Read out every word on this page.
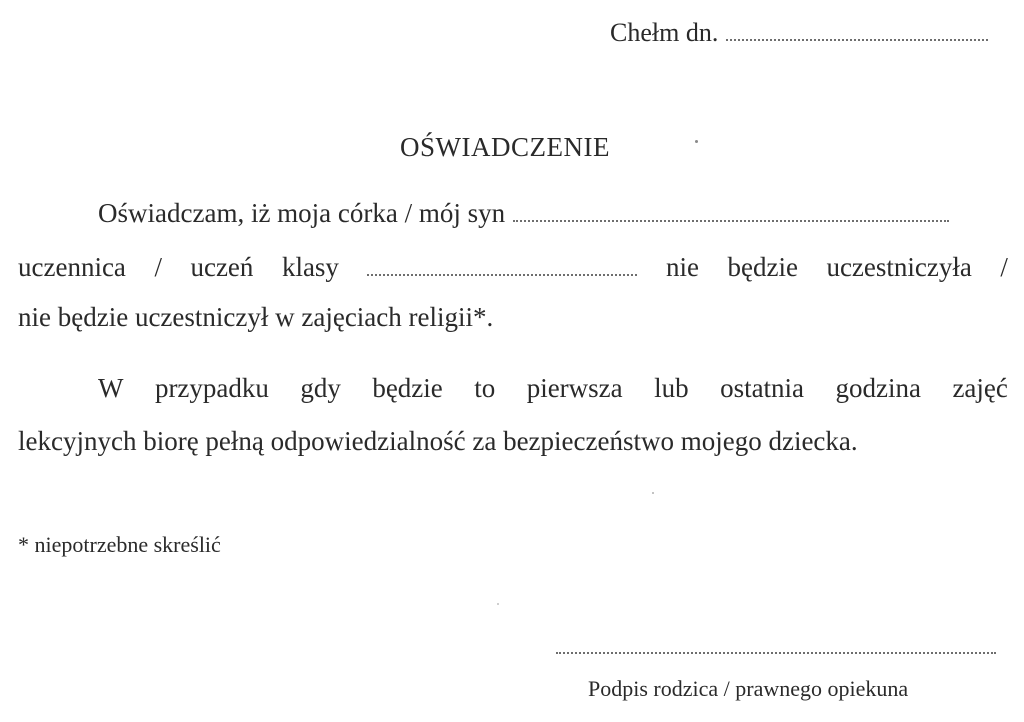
Chełm dn.
OŚWIADCZENIE
Oświadczam, iż moja córka / mój syn
uczennica / uczeń klasy	nie będzie uczestniczyła /
nie będzie uczestniczył w zajęciach religii*.
W przypadku gdy będzie to pierwsza lub ostatnia godzina zajęć
lekcyjnych biorę pełną odpowiedzialność za bezpieczeństwo mojego dziecka.
* niepotrzebne skreślić
Podpis rodzica / prawnego opiekuna
